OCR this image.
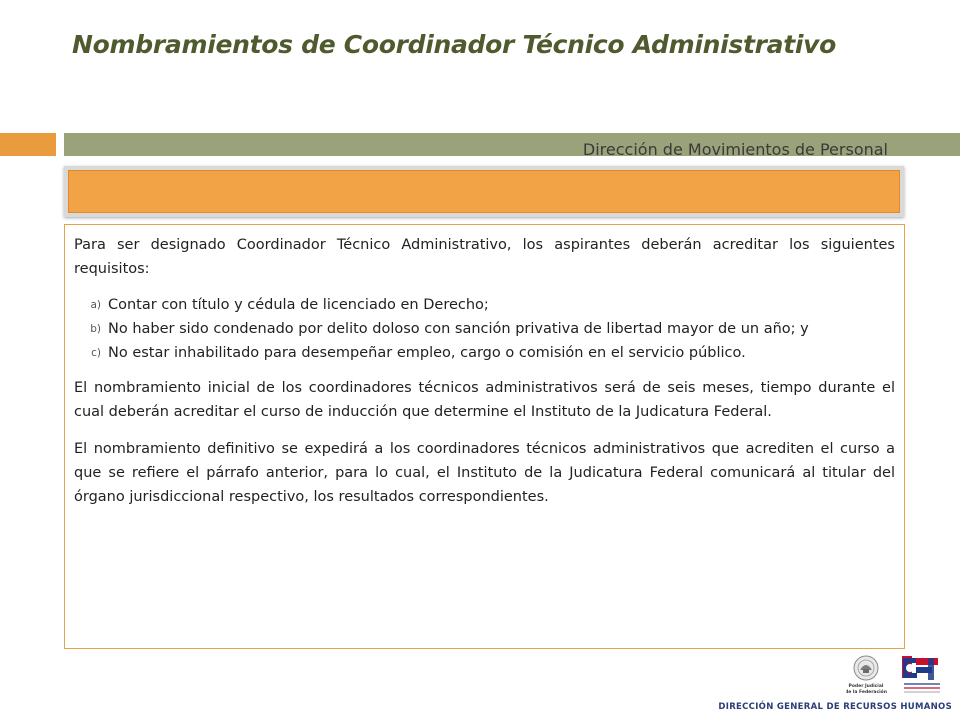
Nombramientos de Coordinador Técnico Administrativo
Dirección de Movimientos de Personal

Para ser designado Coordinador Técnico Administrativo, los aspirantes deberán acreditar los siguientes requisitos:

a) Contar con título y cédula de licenciado en Derecho;
b) No haber sido condenado por delito doloso con sanción privativa de libertad mayor de un año; y
c) No estar inhabilitado para desempeñar empleo, cargo o comisión en el servicio público.

El nombramiento inicial de los coordinadores técnicos administrativos será de seis meses, tiempo durante el cual deberán acreditar el curso de inducción que determine el Instituto de la Judicatura Federal.

El nombramiento definitivo se expedirá a los coordinadores técnicos administrativos que acrediten el curso a que se refiere el párrafo anterior, para lo cual, el Instituto de la Judicatura Federal comunicará al titular del órgano jurisdiccional respectivo, los resultados correspondientes.

Poder Judicial
de la Federación
DIRECCIÓN GENERAL DE RECURSOS HUMANOS
